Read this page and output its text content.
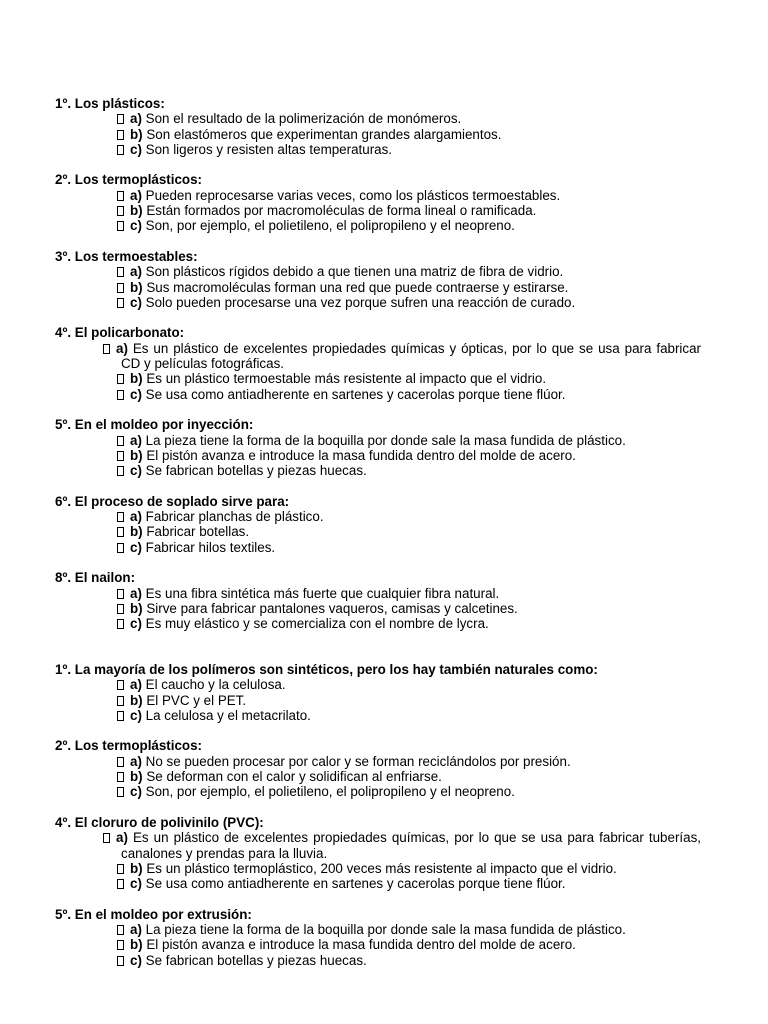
1º. Los plásticos:
a) Son el resultado de la polimerización de monómeros.
b) Son elastómeros que experimentan grandes alargamientos.
c) Son ligeros y resisten altas temperaturas.
2º. Los termoplásticos:
a) Pueden reprocesarse varias veces, como los plásticos termoestables.
b) Están formados por macromoléculas de forma lineal o ramificada.
c) Son, por ejemplo, el polietileno, el polipropileno y el neopreno.
3º. Los termoestables:
a) Son plásticos rígidos debido a que tienen una matriz de fibra de vidrio.
b) Sus macromoléculas forman una red que puede contraerse y estirarse.
c) Solo pueden procesarse una vez porque sufren una reacción de curado.
4º. El policarbonato:
a) Es un plástico de excelentes propiedades químicas y ópticas, por lo que se usa para fabricar CD y películas fotográficas.
b) Es un plástico termoestable más resistente al impacto que el vidrio.
c) Se usa como antiadherente en sartenes y cacerolas porque tiene flúor.
5º. En el moldeo por inyección:
a) La pieza tiene la forma de la boquilla por donde sale la masa fundida de plástico.
b) El pistón avanza e introduce la masa fundida dentro del molde de acero.
c) Se fabrican botellas y piezas huecas.
6º. El proceso de soplado sirve para:
a) Fabricar planchas de plástico.
b) Fabricar botellas.
c) Fabricar hilos textiles.
8º. El nailon:
a) Es una fibra sintética más fuerte que cualquier fibra natural.
b) Sirve para fabricar pantalones vaqueros, camisas y calcetines.
c) Es muy elástico y se comercializa con el nombre de lycra.
1º. La mayoría de los polímeros son sintéticos, pero los hay también naturales como:
a) El caucho y la celulosa.
b) El PVC y el PET.
c) La celulosa y el metacrilato.
2º. Los termoplásticos:
a) No se pueden procesar por calor y se forman reciclándolos por presión.
b) Se deforman con el calor y solidifican al enfriarse.
c) Son, por ejemplo, el polietileno, el polipropileno y el neopreno.
4º. El cloruro de polivinilo (PVC):
a) Es un plástico de excelentes propiedades químicas, por lo que se usa para fabricar tuberías, canalones y prendas para la lluvia.
b) Es un plástico termoplástico, 200 veces más resistente al impacto que el vidrio.
c) Se usa como antiadherente en sartenes y cacerolas porque tiene flúor.
5º. En el moldeo por extrusión:
a) La pieza tiene la forma de la boquilla por donde sale la masa fundida de plástico.
b) El pistón avanza e introduce la masa fundida dentro del molde de acero.
c) Se fabrican botellas y piezas huecas.
